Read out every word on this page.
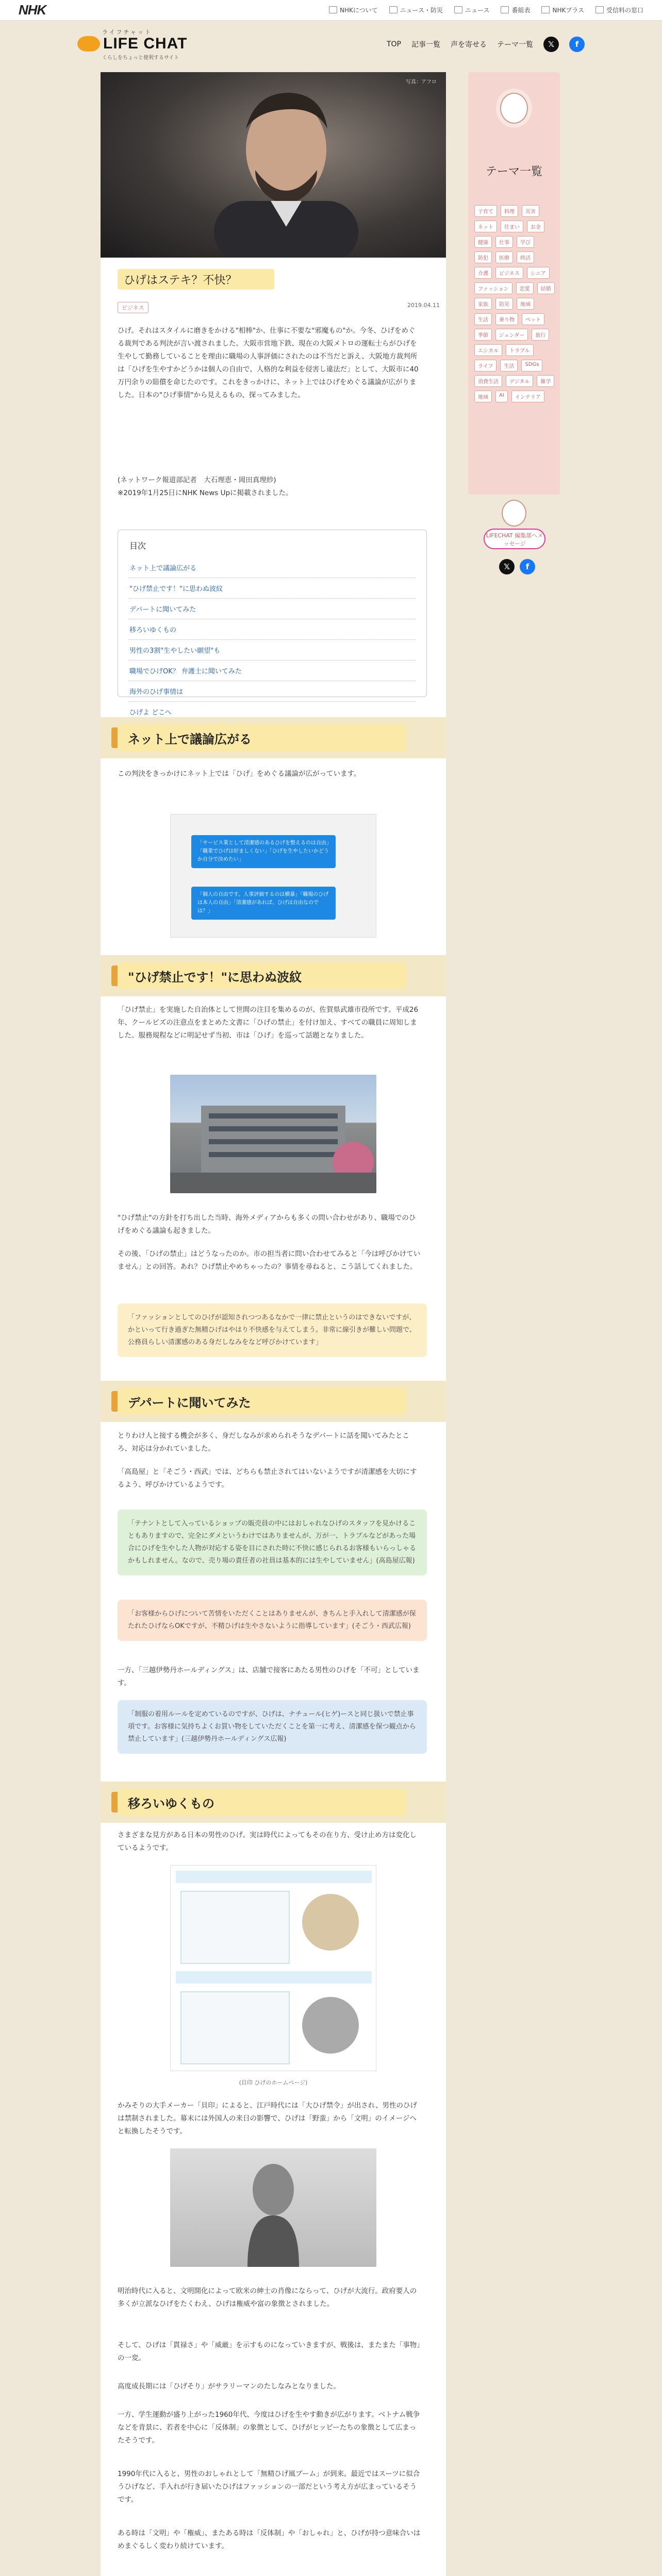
NHK	NHKについて	ニュース・防災	ニュース	番組表	NHKプラス	受信料の窓口
ライフチャット
LIFE CHAT
くらしをちょっと便利するサイト
TOP 記事一覧 声を寄せる テーマ一覧	𝕏	f
写真：アフロ
ひげはステキ？不快？
ビジネス	2019.04.11
ひげ。それはスタイルに磨きをかける"相棒"か、仕事に不要な"邪魔もの"か。今冬、ひげをめぐる裁判である判決が言い渡されました。大阪市営地下鉄、現在の大阪メトロの運転士らがひげを生やして勤務していることを理由に職場の人事評価にされたのは不当だと訴え、大阪地方裁判所は「ひげを生やすかどうかは個人の自由で、人格的な利益を侵害し違法だ」として、大阪市に40万円余りの賠償を命じたのです。これをきっかけに、ネット上ではひげをめぐる議論が広がりました。日本の"ひげ事情"から見えるもの、探ってみました。
(ネットワーク報道部記者　大石理恵・岡田真理紗)
※2019年1月25日にNHK News Upに掲載されました。
目次
ネット上で議論広がる
"ひげ禁止です！"に思わぬ波紋
デパートに聞いてみた
移ろいゆくもの
男性の3割"生やしたい願望"も
職場でひげOK？ 弁護士に聞いてみた
海外のひげ事情は
ひげよ どこへ
ネット上で議論広がる
この判決をきっかけにネット上では「ひげ」をめぐる議論が広がっています。
「サービス業として清潔感のあるひげを整えるのは自由」「職業でひげは好ましくない」「ひげを生やしたいかどうか自分で決めたい」
「個人の自由です。人事評価するのは横暴」「職場のひげは本人の自由」「清潔感があれば、ひげは自由なのでは？」
"ひげ禁止です！"に思わぬ波紋
「ひげ禁止」を実施した自治体として世間の注目を集めるのが、佐賀県武雄市役所です。平成26年、クールビズの注意点をまとめた文書に「ひげの禁止」を付け加え、すべての職員に周知しました。服務規程などに明記せず当初、市は「ひげ」を巡って話題となりました。
"ひげ禁止"の方針を打ち出した当時、海外メディアからも多くの問い合わせがあり、職場でのひげをめぐる議論も起きました。
その後、「ひげの禁止」はどうなったのか。市の担当者に問い合わせてみると「今は呼びかけていません」との回答。あれ？ひげ禁止やめちゃったの？事情を尋ねると、こう話してくれました。
「ファッションとしてのひげが認知されつつあるなかで一律に禁止というのはできないですが、かといって行き過ぎた無精ひげはやはり不快感を与えてしまう。非常に線引きが難しい問題で、公務員らしい清潔感のある身だしなみをなど呼びかけています」
デパートに聞いてみた
とりわけ人と接する機会が多く、身だしなみが求められそうなデパートに話を聞いてみたところ、対応は分かれていました。
「高島屋」と「そごう・西武」では、どちらも禁止されてはいないようですが清潔感を大切にするよう、呼びかけているようです。
「テナントとして入っているショップの販売員の中にはおしゃれなひげのスタッフを見かけることもありますので、完全にダメというわけではありませんが、万が一、トラブルなどがあった場合にひげを生やした人物が対応する姿を目にされた時に不快に感じられるお客様もいらっしゃるかもしれません。なので、売り場の責任者の社員は基本的には生やしていません」(高島屋広報)
「お客様からひげについて苦情をいただくことはありませんが、きちんと手入れして清潔感が保たれたひげならOKですが、不精ひげは生やさないように指導しています」(そごう・西武広報)
一方、「三越伊勢丹ホールディングス」は、店舗で接客にあたる男性のひげを「不可」としています。
「制服の着用ルールを定めているのですが、ひげは、ナチュール(ヒゲ)ースと同じ扱いで禁止事項です。お客様に気持ちよくお買い物をしていただくことを第一に考え、清潔感を保つ観点から禁止しています」(三越伊勢丹ホールディングス広報)
移ろいゆくもの
さまざまな見方がある日本の男性のひげ。実は時代によってもその在り方、受け止め方は変化しているようです。
(貝印 ひげのホームページ)
かみそりの大手メーカー「貝印」によると、江戸時代には「大ひげ禁令」が出され、男性のひげは禁制されました。幕末には外国人の来日の影響で、ひげは「野蛮」から「文明」のイメージへと転換したそうです。
明治時代に入ると、文明開化によって欧米の紳士の肖像にならって、ひげが大流行。政府要人の多くが立派なひげをたくわえ、ひげは権威や富の象徴とされました。
そして、ひげは「貫禄さ」や「威厳」を示すものになっていきますが、戦後は、またまた「事物」の一変。
高度成長期には「ひげそり」がサラリーマンのたしなみとなりました。
一方、学生運動が盛り上がった1960年代、今度はひげを生やす動きが広がります。ベトナム戦争などを背景に、若者を中心に「反体制」の象徴として、ひげがヒッピーたちの象徴として広まったそうです。
1990年代に入ると、男性のおしゃれとして「無精ひげ風ブーム」が到来。最近ではスーツに似合うひげなど、手入れが行き届いたひげはファッションの一部だという考え方が広まっているそうです。
ある時は「文明」や「権威」、またある時は「反体制」や「おしゃれ」と、ひげが持つ意味合いはめまぐるしく変わり続けています。
テーマ一覧
子育て	料理	災害
ネット	住まい	お金
健康	仕事	学び
防犯	医療	終活
介護	ビジネス	シニア
ファッション	恋愛	結婚
家族	防災	地域
生活	乗り物	ペット
季節	ジェンダー	旅行
エシカル	トラブル
ライフ	生活	SDGs
消費生活	デジタル	雑学
地域	AI	インテリア
LIFECHAT 編集部へメッセージ
𝕏	f
